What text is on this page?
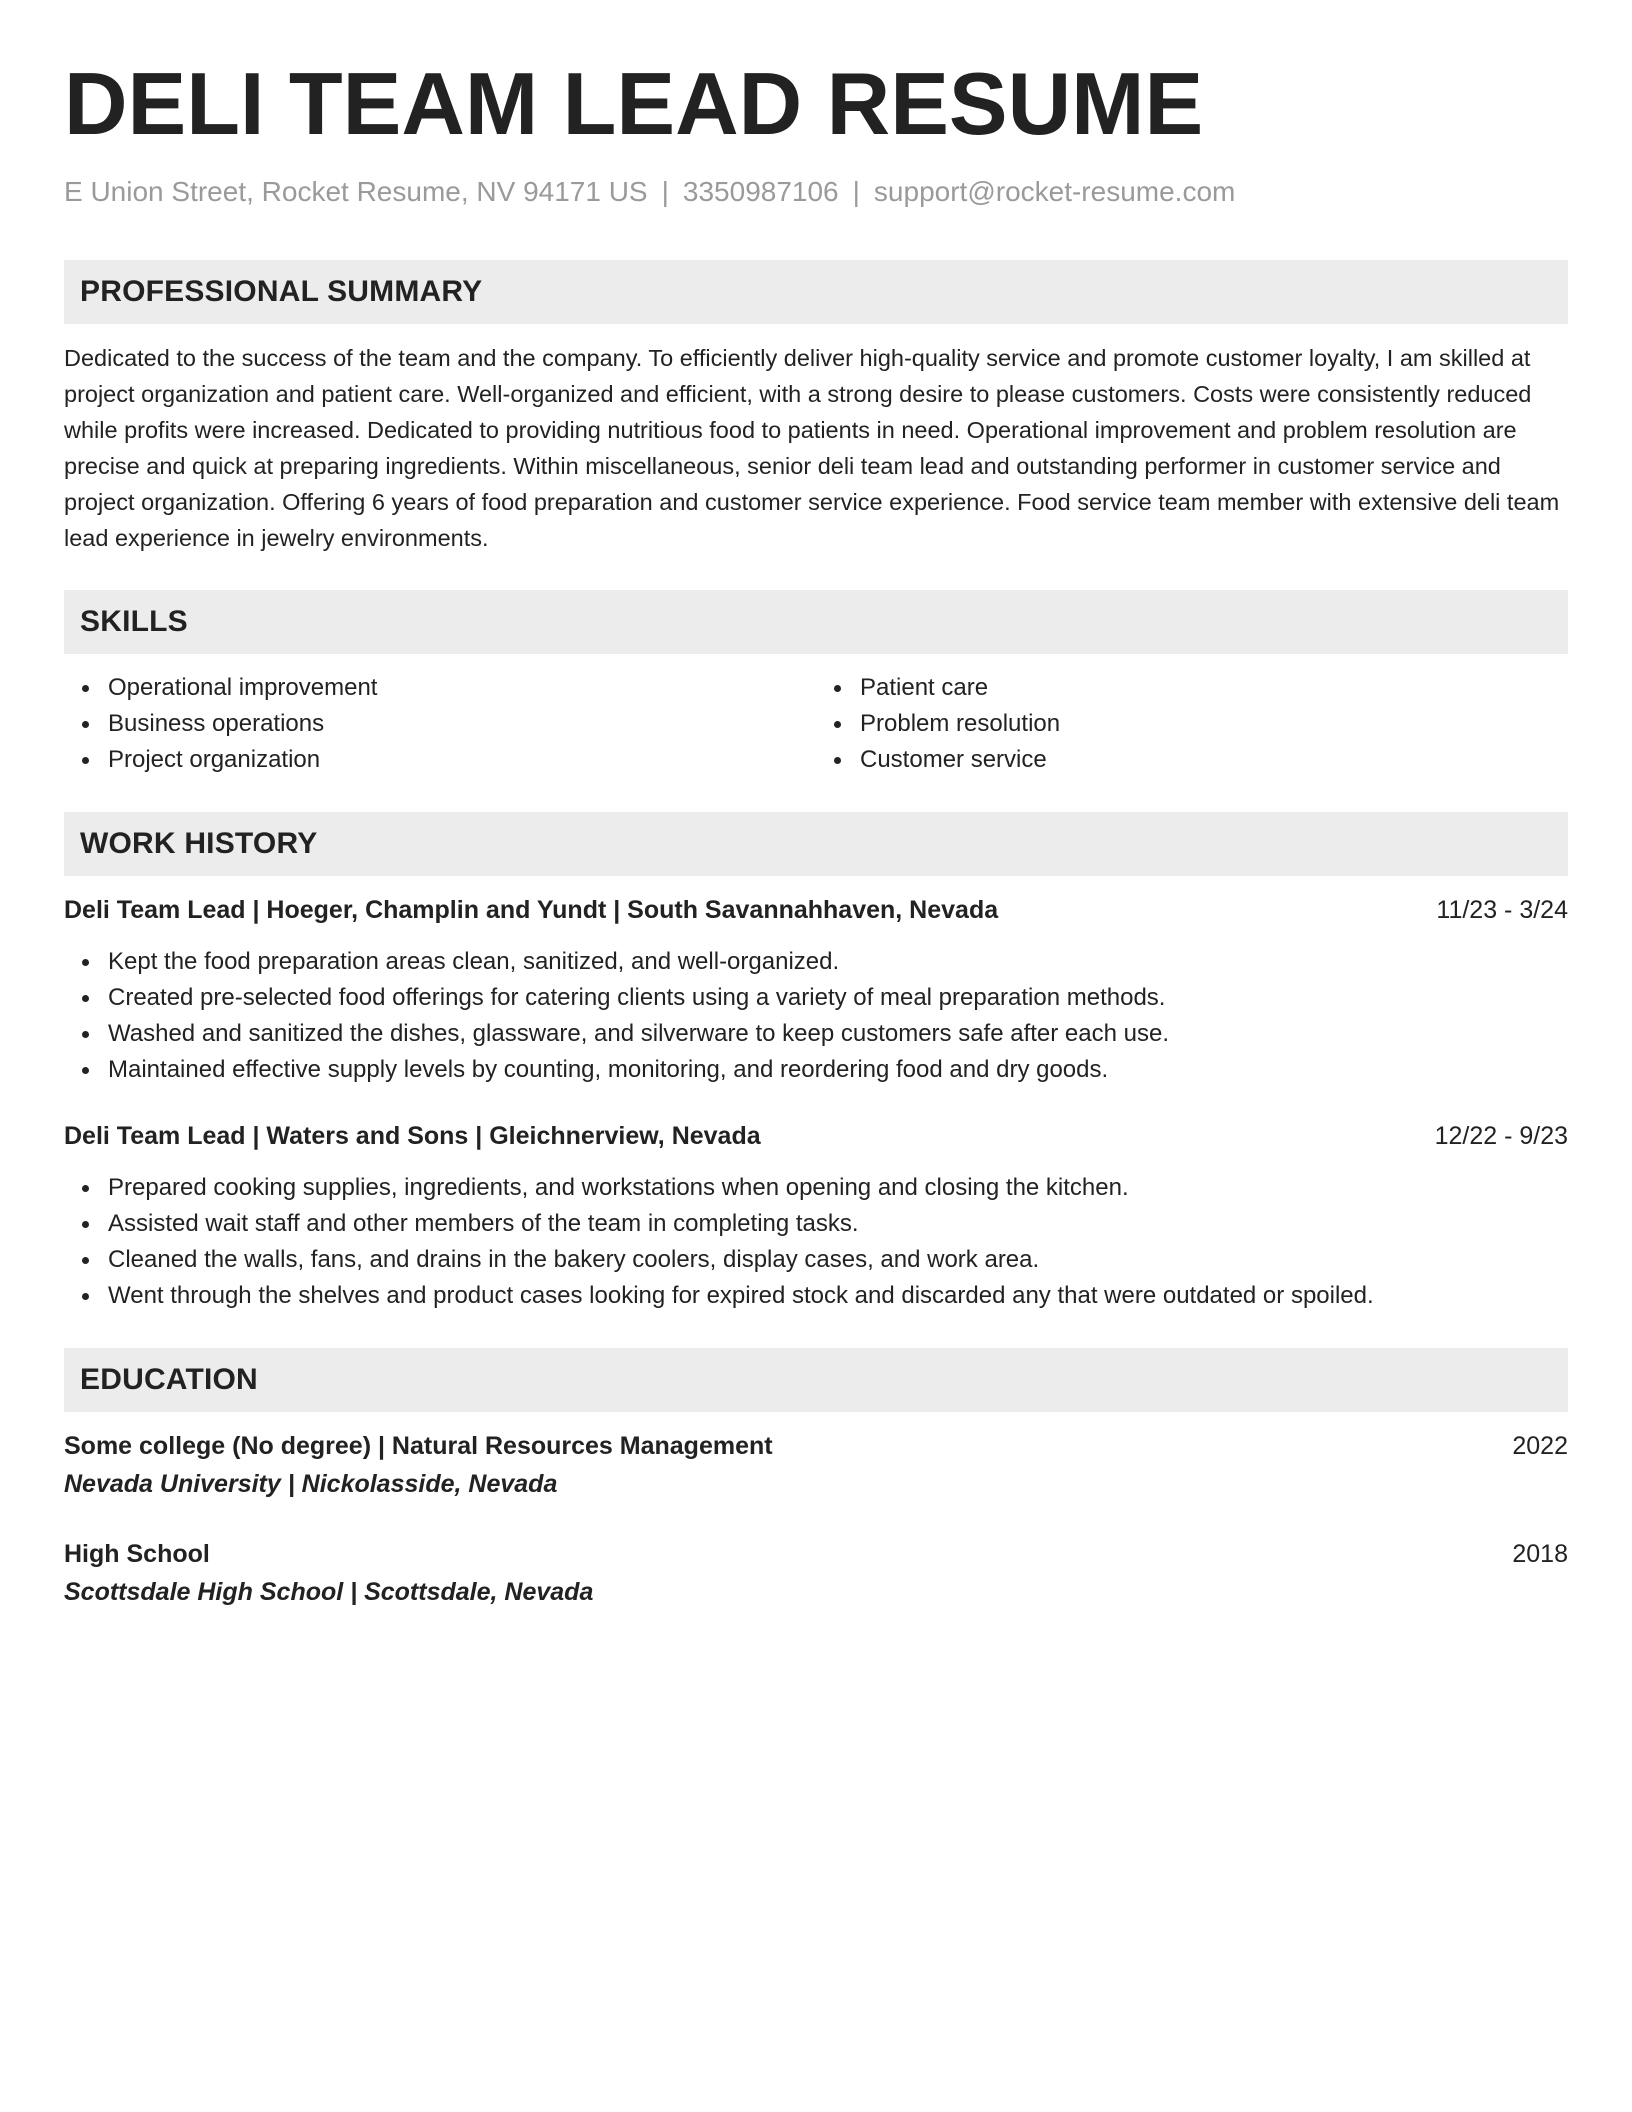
DELI TEAM LEAD RESUME
E Union Street, Rocket Resume, NV 94171 US | 3350987106 | support@rocket-resume.com
PROFESSIONAL SUMMARY

Dedicated to the success of the team and the company. To efficiently deliver high-quality service and promote customer loyalty, I am skilled at project organization and patient care. Well-organized and efficient, with a strong desire to please customers. Costs were consistently reduced while profits were increased. Dedicated to providing nutritious food to patients in need. Operational improvement and problem resolution are precise and quick at preparing ingredients. Within miscellaneous, senior deli team lead and outstanding performer in customer service and project organization. Offering 6 years of food preparation and customer service experience. Food service team member with extensive deli team lead experience in jewelry environments.

SKILLS
Operational improvement
Business operations
Project organization
Patient care
Problem resolution
Customer service
WORK HISTORY
Deli Team Lead | Hoeger, Champlin and Yundt | South Savannahhaven, Nevada	11/23 - 3/24
Kept the food preparation areas clean, sanitized, and well-organized.
Created pre-selected food offerings for catering clients using a variety of meal preparation methods.
Washed and sanitized the dishes, glassware, and silverware to keep customers safe after each use.
Maintained effective supply levels by counting, monitoring, and reordering food and dry goods.
Deli Team Lead | Waters and Sons | Gleichnerview, Nevada	12/22 - 9/23
Prepared cooking supplies, ingredients, and workstations when opening and closing the kitchen.
Assisted wait staff and other members of the team in completing tasks.
Cleaned the walls, fans, and drains in the bakery coolers, display cases, and work area.
Went through the shelves and product cases looking for expired stock and discarded any that were outdated or spoiled.
EDUCATION
Some college (No degree) | Natural Resources Management	2022
Nevada University | Nickolasside, Nevada
High School	2018
Scottsdale High School | Scottsdale, Nevada
